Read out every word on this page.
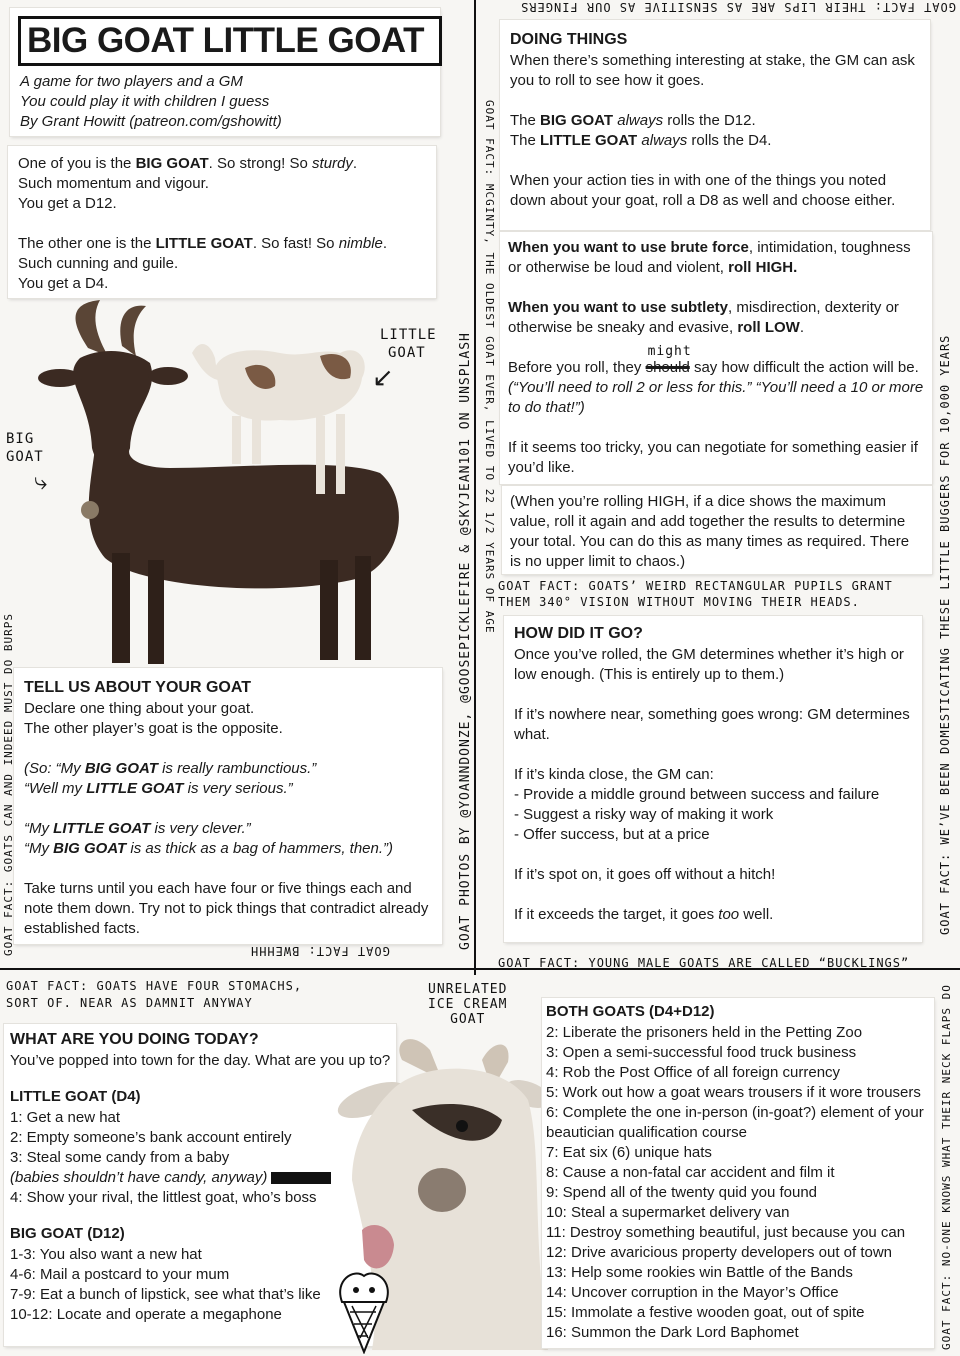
BIG GOAT LITTLE GOAT
A game for two players and a GM
You could play it with children I guess
By Grant Howitt (patreon.com/gshowitt)

One of you is the BIG GOAT. So strong! So sturdy.

Such momentum and vigour.

You get a D12.

The other one is the LITTLE GOAT. So fast! So nimble.

Such cunning and guile.

You get a D4.

LITTLE
GOAT
↙
BIG
GOAT
⤷
TELL US ABOUT YOUR GOAT

Declare one thing about your goat.

The other player’s goat is the opposite.

(So: “My BIG GOAT is really rambunctious.”

“Well my LITTLE GOAT is very serious.”

“My LITTLE GOAT is very clever.”

“My BIG GOAT is as thick as a bag of hammers, then.”)

Take turns until you each have four or five things each and note them down. Try not to pick things that contradict already established facts.

GOAT FACT: THEIR LIPS ARE AS SENSITIVE AS OUR FINGERS
DOING THINGS

When there’s something interesting at stake, the GM can ask you to roll to see how it goes.

The BIG GOAT always rolls the D12.

The LITTLE GOAT always rolls the D4.

When your action ties in with one of the things you noted down about your goat, roll a D8 as well and choose either.

When you want to use brute force, intimidation, toughness or otherwise be loud and violent, roll HIGH.

When you want to use subtlety, misdirection, dexterity or otherwise be sneaky and evasive, roll LOW.

Before you roll, they should
might
say how difficult the action will be. (“You’ll need to roll 2 or less for this.” “You’ll need a 10 or more to do that!”)

If it seems too tricky, you can negotiate for something easier if you’d like.

(When you’re rolling HIGH, if a dice shows the maximum value, roll it again and add together the results to determine your total. You can do this as many times as required. There is no upper limit to chaos.)
GOAT FACT: GOATS’ WEIRD RECTANGULAR PUPILS GRANT
THEM 340° VISION WITHOUT MOVING THEIR HEADS.
HOW DID IT GO?

Once you’ve rolled, the GM determines whether it’s high or low enough. (This is entirely up to them.)

If it’s nowhere near, something goes wrong: GM determines what.

If it’s kinda close, the GM can:

- Provide a middle ground between success and failure

- Suggest a risky way of making it work

- Offer success, but at a price

If it’s spot on, it goes off without a hitch!

If it exceeds the target, it goes too well.

GOAT PHOTOS BY @YOANNDONZE, @GOOSEPICKLEFIRE & @SKYJEAN101 ON UNSPLASH GOAT FACT: MCGINTY, THE OLDEST GOAT EVER, LIVED TO 22 1/2 YEARS OF AGE
GOAT FACT: GOATS CAN AND INDEED MUST DO BURPS	GOAT FACT: WE’VE BEEN DOMESTICATING THESE LITTLE BUGGERS FOR 10,000 YEARS
GOAT FACT: NO-ONE KNOWS WHAT THEIR NECK FLAPS DO
GOAT FACT: BWEHHH
GOAT FACT: YOUNG MALE GOATS ARE CALLED “BUCKLINGS”
GOAT FACT: GOATS HAVE FOUR STOMACHS,
SORT OF. NEAR AS DAMNIT ANYWAY
UNRELATED
ICE CREAM
GOAT
WHAT ARE YOU DOING TODAY?

You’ve popped into town for the day. What are you up to?

LITTLE GOAT (D4)

1: Get a new hat

2: Empty someone’s bank account entirely

3: Steal some candy from a baby

(babies shouldn’t have candy, anyway)

4: Show your rival, the littlest goat, who’s boss

BIG GOAT (D12)

1-3: You also want a new hat

4-6: Mail a postcard to your mum

7-9: Eat a bunch of lipstick, see what that’s like

10-12: Locate and operate a megaphone

BOTH GOATS (D4+D12)

2: Liberate the prisoners held in the Petting Zoo

3: Open a semi-successful food truck business

4: Rob the Post Office of all foreign currency

5: Work out how a goat wears trousers if it wore trousers

6: Complete the one in-person (in-goat?) element of your beautician qualification course

7: Eat six (6) unique hats

8: Cause a non-fatal car accident and film it

9: Spend all of the twenty quid you found

10: Steal a supermarket delivery van

11: Destroy something beautiful, just because you can

12: Drive avaricious property developers out of town

13: Help some rookies win Battle of the Bands

14: Uncover corruption in the Mayor’s Office

15: Immolate a festive wooden goat, out of spite

16: Summon the Dark Lord Baphomet
